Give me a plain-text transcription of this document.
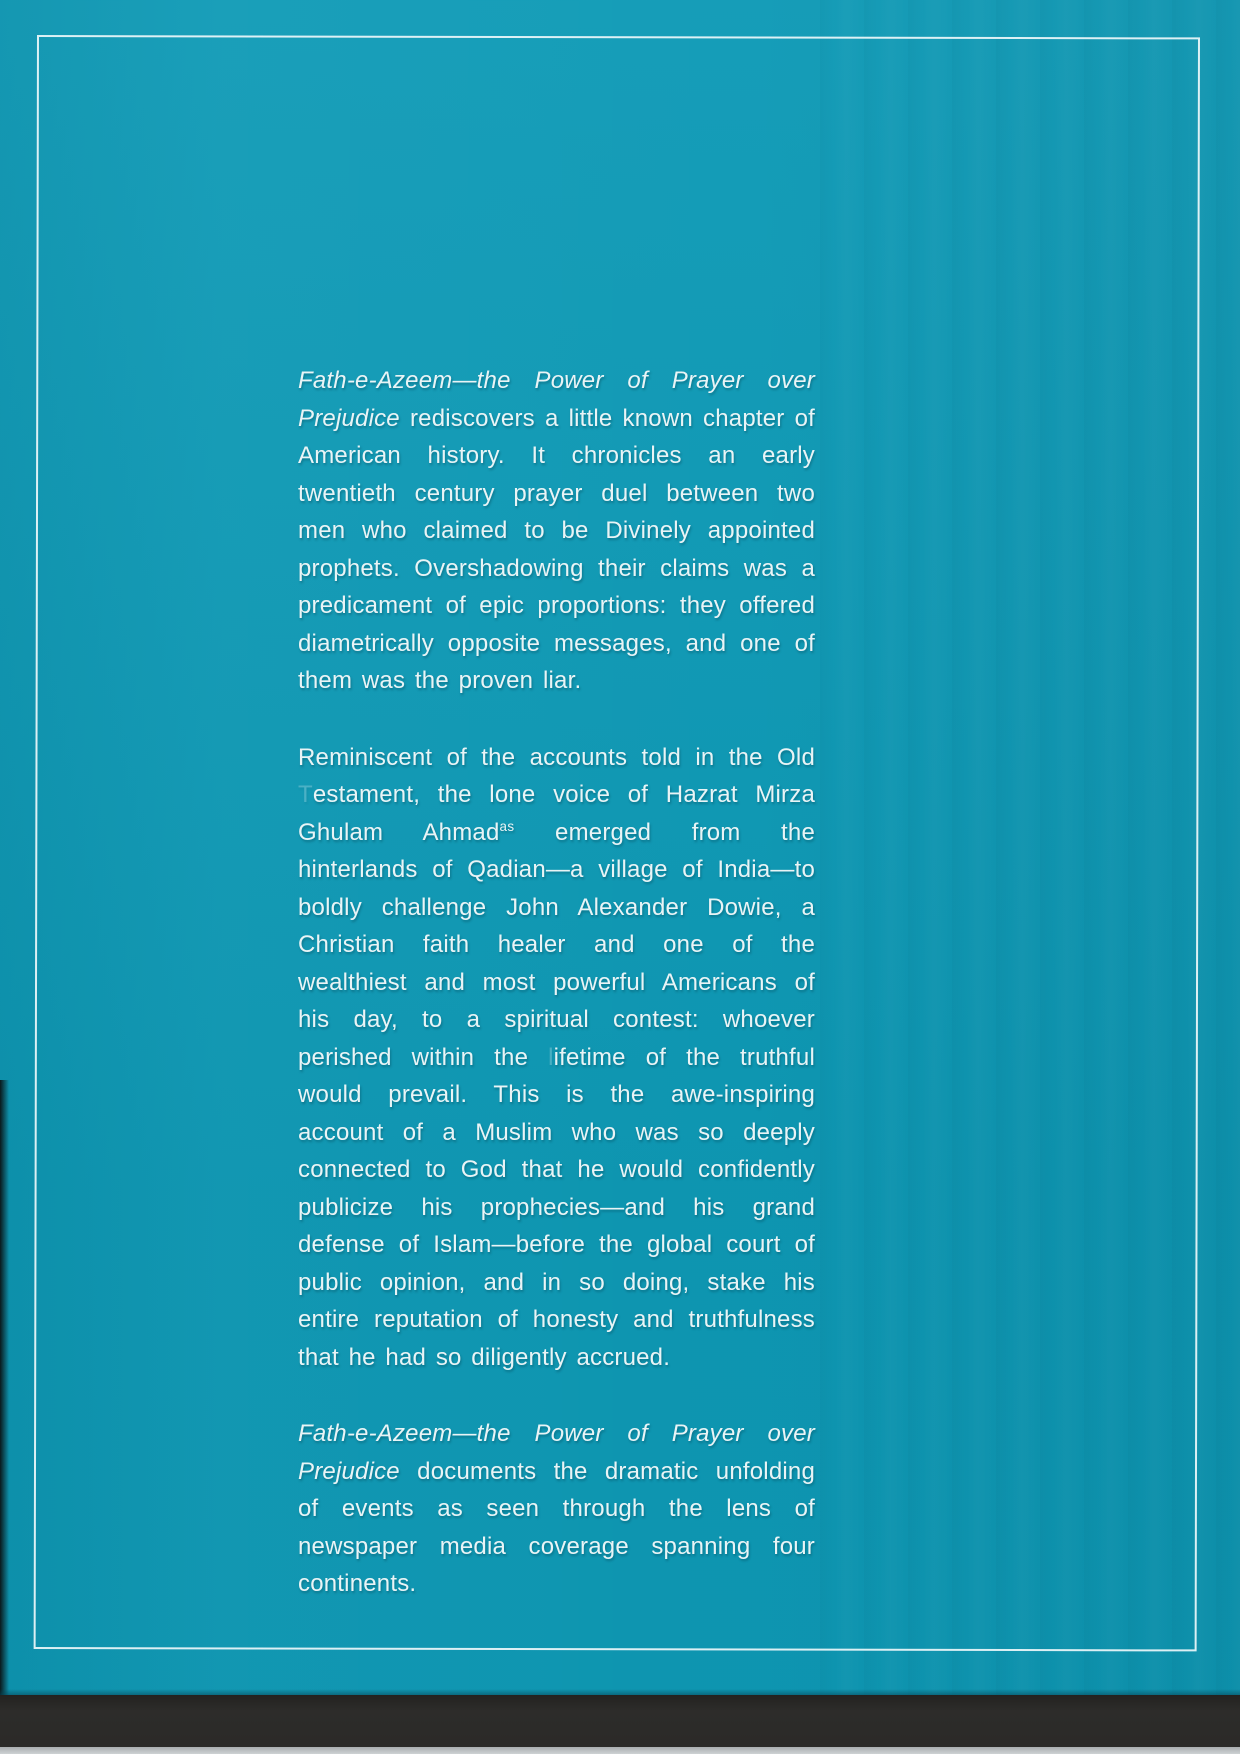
Fath-e-Azeem—the Power of Prayer over Prejudice rediscovers a little known chapter of American history. It chronicles an early twentieth century prayer duel between two men who claimed to be Divinely appointed prophets. Overshadowing their claims was a predicament of epic proportions: they offered diametrically opposite messages, and one of them was the proven liar.

Reminiscent of the accounts told in the Old Testament, the lone voice of Hazrat Mirza Ghulam Ahmad$^{as}$ emerged from the hinterlands of Qadian—a village of India—to boldly challenge John Alexander Dowie, a Christian faith healer and one of the wealthiest and most powerful Americans of his day, to a spiritual contest: whoever perished within the lifetime of the truthful would prevail. This is the awe-inspiring account of a Muslim who was so deeply connected to God that he would confidently publicize his prophecies—and his grand defense of Islam—before the global court of public opinion, and in so doing, stake his entire reputation of honesty and truthfulness that he had so diligently accrued.

Fath-e-Azeem—the Power of Prayer over Prejudice documents the dramatic unfolding of events as seen through the lens of newspaper media coverage spanning four continents.
